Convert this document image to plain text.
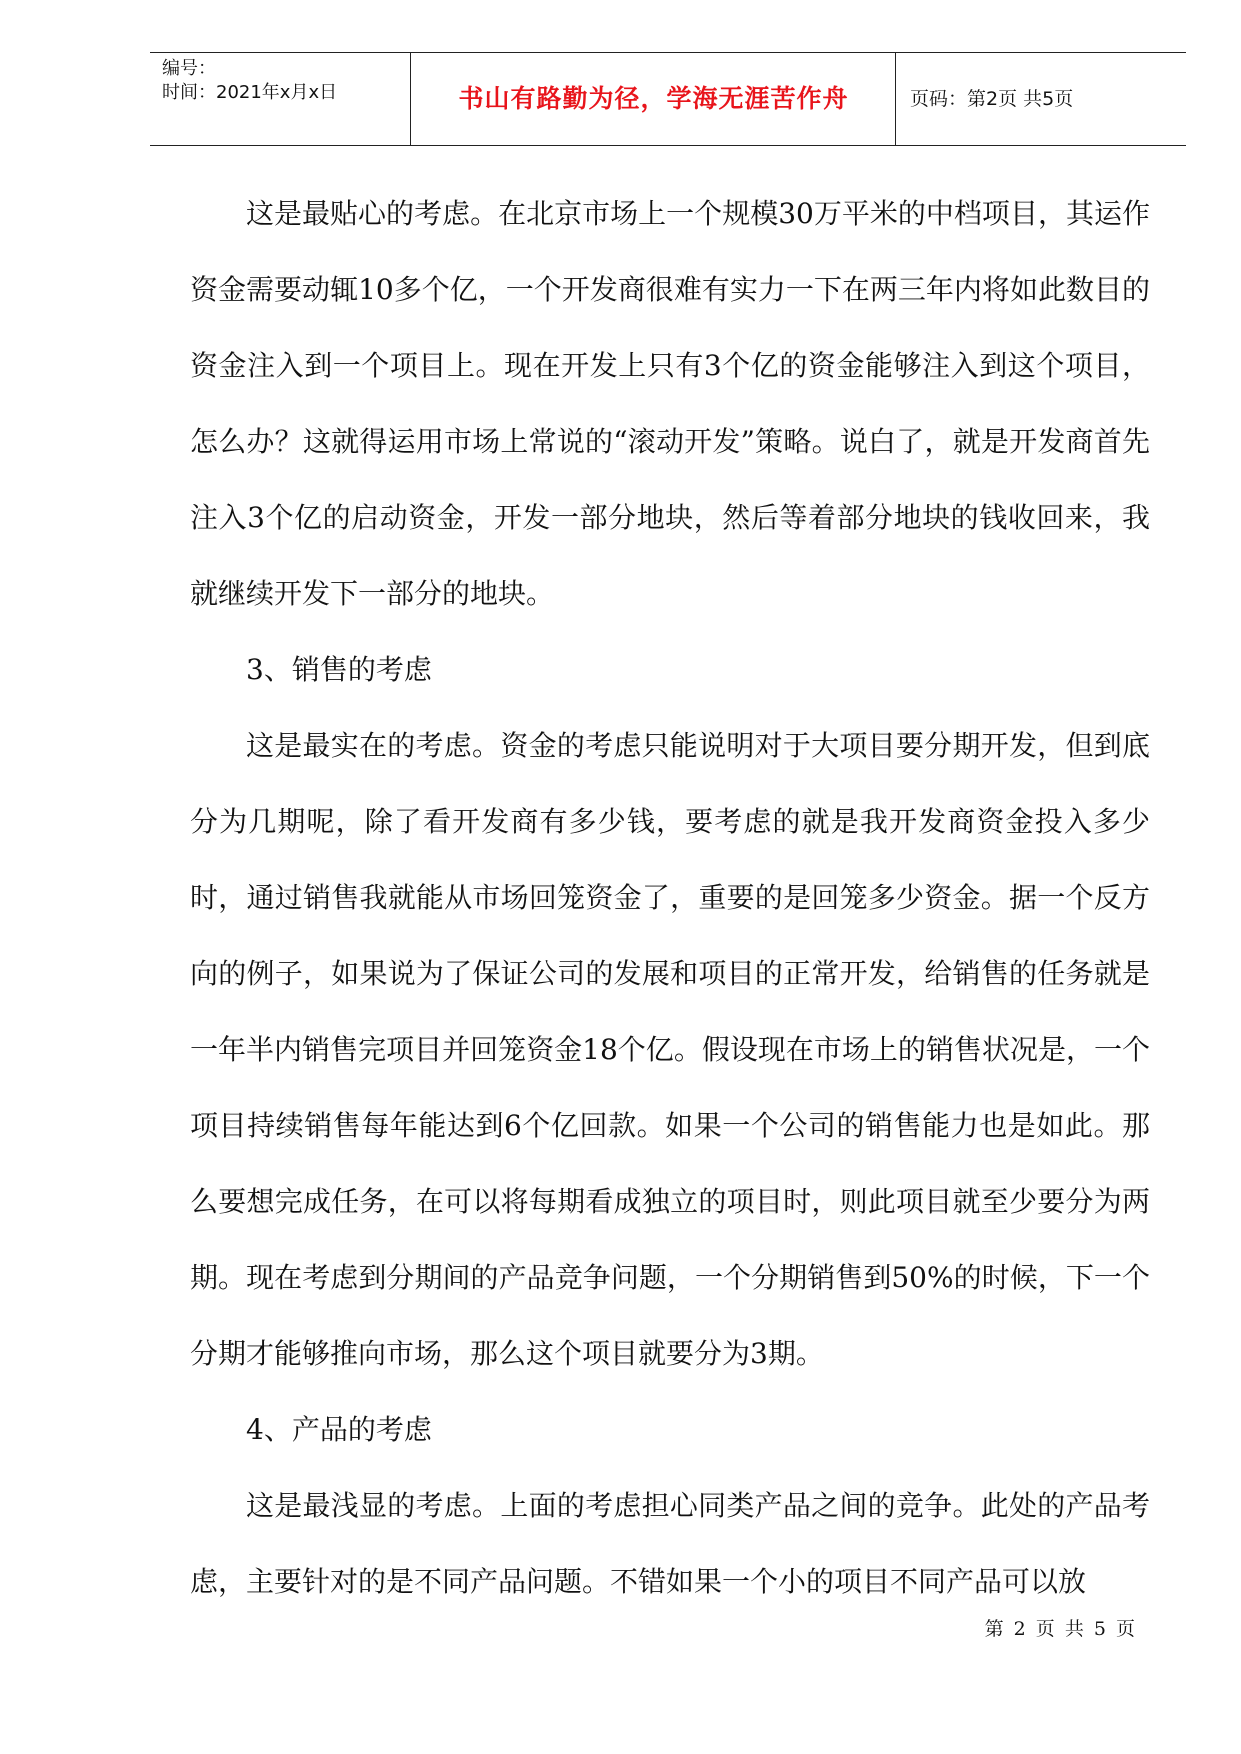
编号：
时间：2021年x月x日	书山有路勤为径，学海无涯苦作舟	页码：第2页 共5页

这是最贴心的考虑。在北京市场上一个规模30万平米的中档项目，其运作资金需要动辄10多个亿，一个开发商很难有实力一下在两三年内将如此数目的资金注入到一个项目上。现在开发上只有3个亿的资金能够注入到这个项目，怎么办？这就得运用市场上常说的“滚动开发”策略。说白了，就是开发商首先注入3个亿的启动资金，开发一部分地块，然后等着部分地块的钱收回来，我就继续开发下一部分的地块。

3、销售的考虑

这是最实在的考虑。资金的考虑只能说明对于大项目要分期开发，但到底分为几期呢，除了看开发商有多少钱，要考虑的就是我开发商资金投入多少时，通过销售我就能从市场回笼资金了，重要的是回笼多少资金。据一个反方向的例子，如果说为了保证公司的发展和项目的正常开发，给销售的任务就是一年半内销售完项目并回笼资金18个亿。假设现在市场上的销售状况是，一个项目持续销售每年能达到6个亿回款。如果一个公司的销售能力也是如此。那么要想完成任务，在可以将每期看成独立的项目时，则此项目就至少要分为两期。现在考虑到分期间的产品竞争问题，一个分期销售到50%的时候，下一个分期才能够推向市场，那么这个项目就要分为3期。

4、产品的考虑

这是最浅显的考虑。上面的考虑担心同类产品之间的竞争。此处的产品考虑，主要针对的是不同产品问题。不错如果一个小的项目不同产品可以放

第 2 页 共 5 页
